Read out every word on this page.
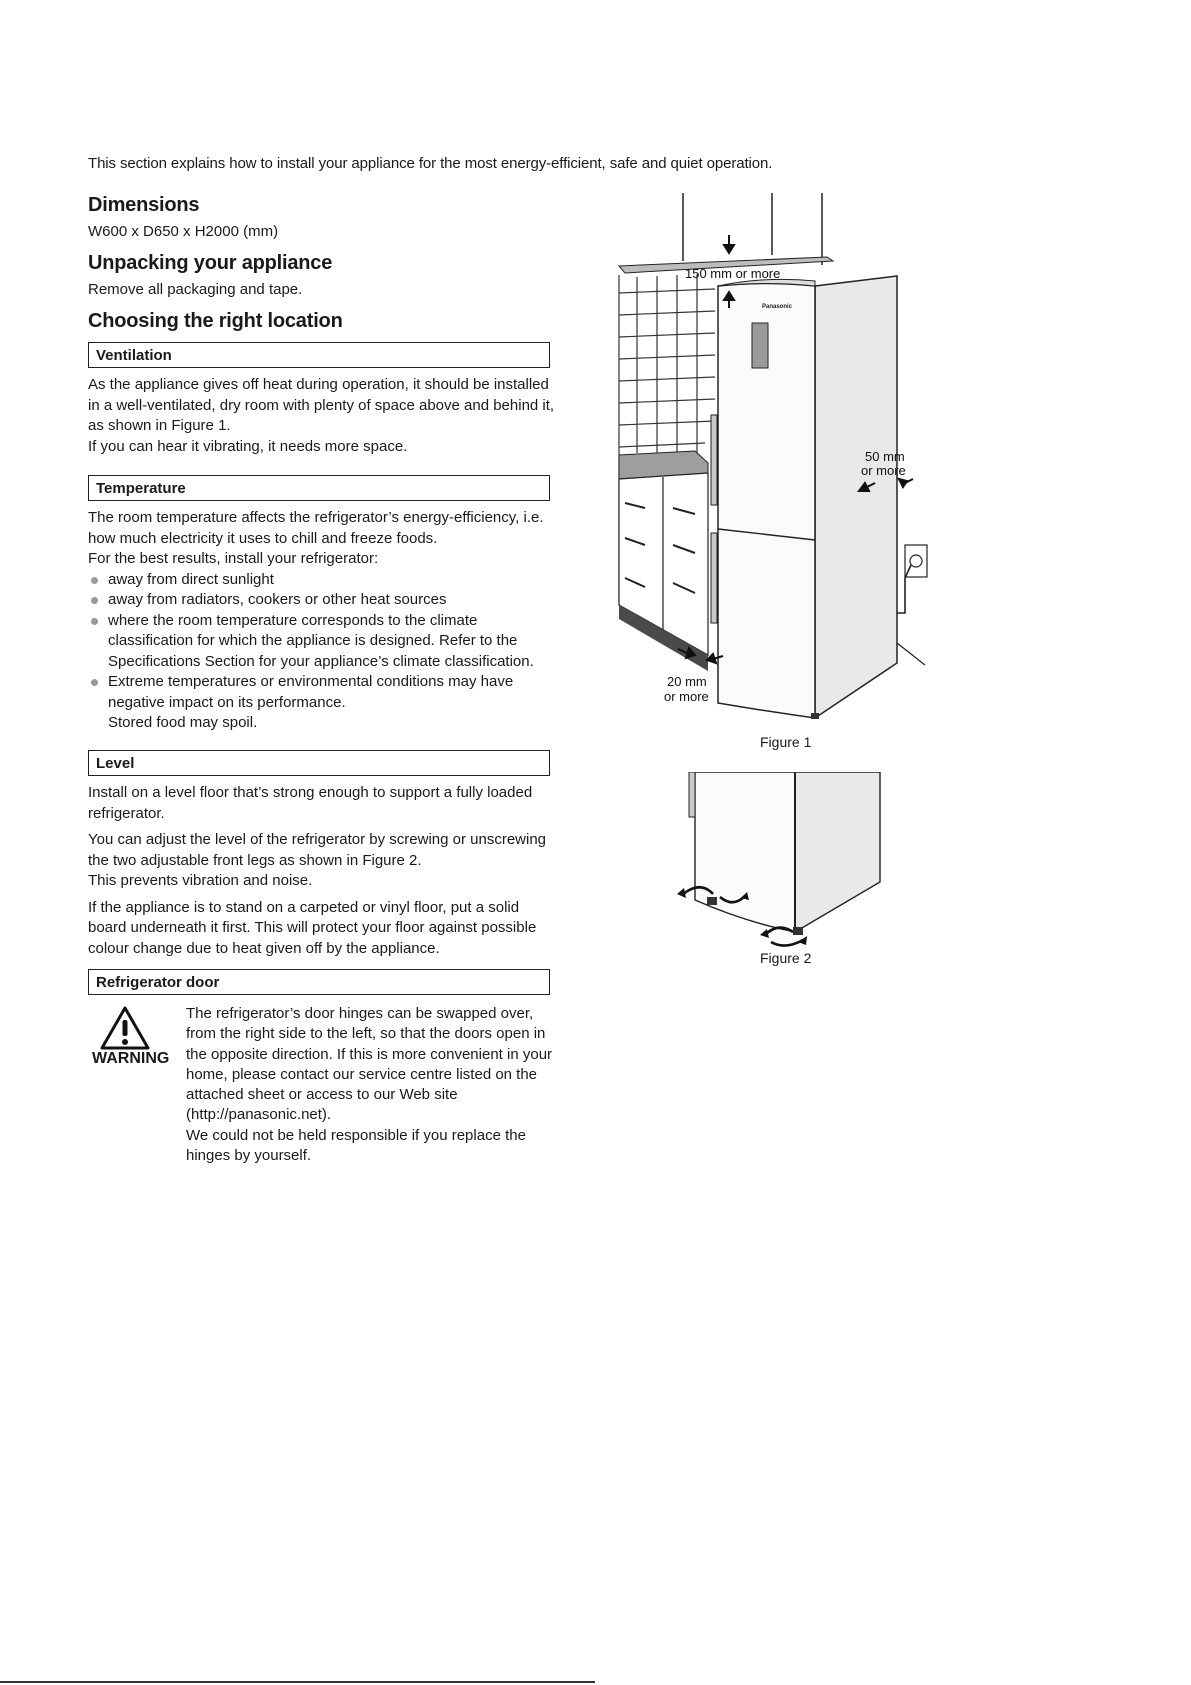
This section explains how to install your appliance for the most energy-efficient, safe and quiet operation.
Dimensions
W600 x D650 x H2000 (mm)
Unpacking your appliance
Remove all packaging and tape.
Choosing the right location
Ventilation

As the appliance gives off heat during operation, it should be installed in a well-ventilated, dry room with plenty of space above and behind it, as shown in Figure 1.

If you can hear it vibrating, it needs more space.

Temperature

The room temperature affects the refrigerator’s energy-efficiency, i.e. how much electricity it uses to chill and freeze foods.

For the best results, install your refrigerator:

away from direct sunlight
away from radiators, cookers or other heat sources
where the room temperature corresponds to the climate classification for which the appliance is designed. Refer to the Specifications Section for your appliance’s climate classification.
Extreme temperatures or environmental conditions may have negative impact on its performance.

Stored food may spoil.

Level

Install on a level floor that’s strong enough to support a fully loaded refrigerator.

You can adjust the level of the refrigerator by screwing or unscrewing the two adjustable front legs as shown in Figure 2.

This prevents vibration and noise.

If the appliance is to stand on a carpeted or vinyl floor, put a solid board underneath it first. This will protect your floor against possible colour change due to heat given off by the appliance.

Refrigerator door
WARNING

The refrigerator’s door hinges can be swapped over, from the right side to the left, so that the doors open in the opposite direction. If this is more convenient in your home, please contact our service centre listed on the attached sheet or access to our Web site (http://panasonic.net).

We could not be held responsible if you replace the hinges by yourself.

Panasonic
150 mm or more
50 mm
or more
20 mm
or more
Figure 1
Figure 2
